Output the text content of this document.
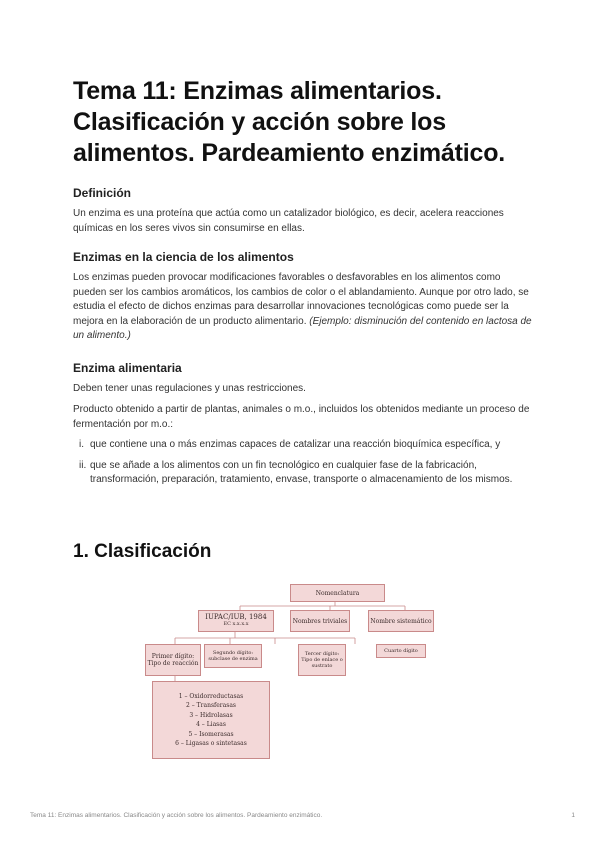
Tema 11: Enzimas alimentarios. Clasificación y acción sobre los alimentos. Pardeamiento enzimático.
Definición

Un enzima es una proteína que actúa como un catalizador biológico, es decir, acelera reacciones químicas en los seres vivos sin consumirse en ellas.

Enzimas en la ciencia de los alimentos

Los enzimas pueden provocar modificaciones favorables o desfavorables en los alimentos como pueden ser los cambios aromáticos, los cambios de color o el ablandamiento. Aunque por otro lado, se estudia el efecto de dichos enzimas para desarrollar innovaciones tecnológicas como puede ser la mejora en la elaboración de un producto alimentario. (Ejemplo: disminución del contenido en lactosa de un alimento.)

Enzima alimentaria

Deben tener unas regulaciones y unas restricciones.

Producto obtenido a partir de plantas, animales o m.o., incluidos los obtenidos mediante un proceso de fermentación por m.o.:

i. que contiene una o más enzimas capaces de catalizar una reacción bioquímica específica, y
ii. que se añade a los alimentos con un fin tecnológico en cualquier fase de la fabricación, transformación, preparación, tratamiento, envase, transporte o almacenamiento de los mismos.
1. Clasificación
Nomenclatura
IUPAC/IUB, 1984
EC x.x.x.x	Nombres triviales	Nombre sistemático
Primer dígito: Tipo de reacción
Segundo dígito: subclase de enzima
Tercer dígito: Tipo de enlace o sustrato
Cuarto dígito
1 – Oxidorreductasas
2 – Transferasas
3 – Hidrolasas
4 – Liasas
5 – Isomerasas
6 – Ligasas o sintetasas
Tema 11: Enzimas alimentarios. Clasificación y acción sobre los alimentos. Pardeamiento enzimático.	1
